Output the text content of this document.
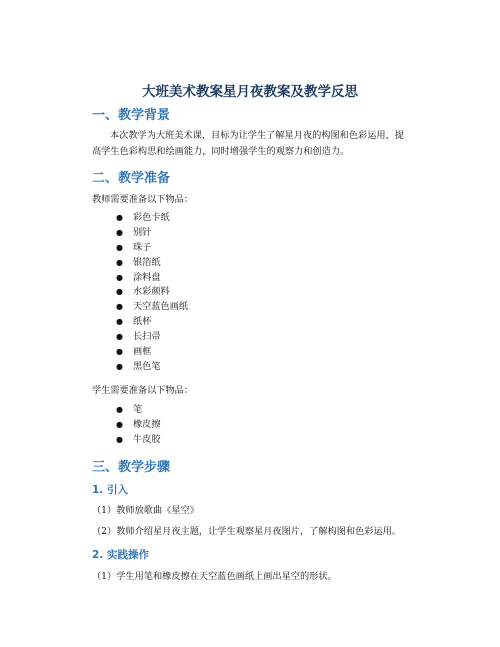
大班美术教案星月夜教案及教学反思
一、教学背景
本次教学为大班美术课，目标为让学生了解星月夜的构图和色彩运用，提高学生色彩构思和绘画能力，同时增强学生的观察力和创造力。
二、教学准备
教师需要准备以下物品：
● 彩色卡纸
● 别针
● 珠子
● 银箔纸
● 涂料盘
● 水彩颜料
● 天空蓝色画纸
● 纸杯
● 长扫帚
● 画框
● 黑色笔
学生需要准备以下物品：
● 笔
● 橡皮擦
● 牛皮胶
三、教学步骤
1. 引入
（1）教师放歌曲《星空》
（2）教师介绍星月夜主题，让学生观察星月夜图片，了解构图和色彩运用。
2. 实践操作
（1）学生用笔和橡皮擦在天空蓝色画纸上画出星空的形状。
